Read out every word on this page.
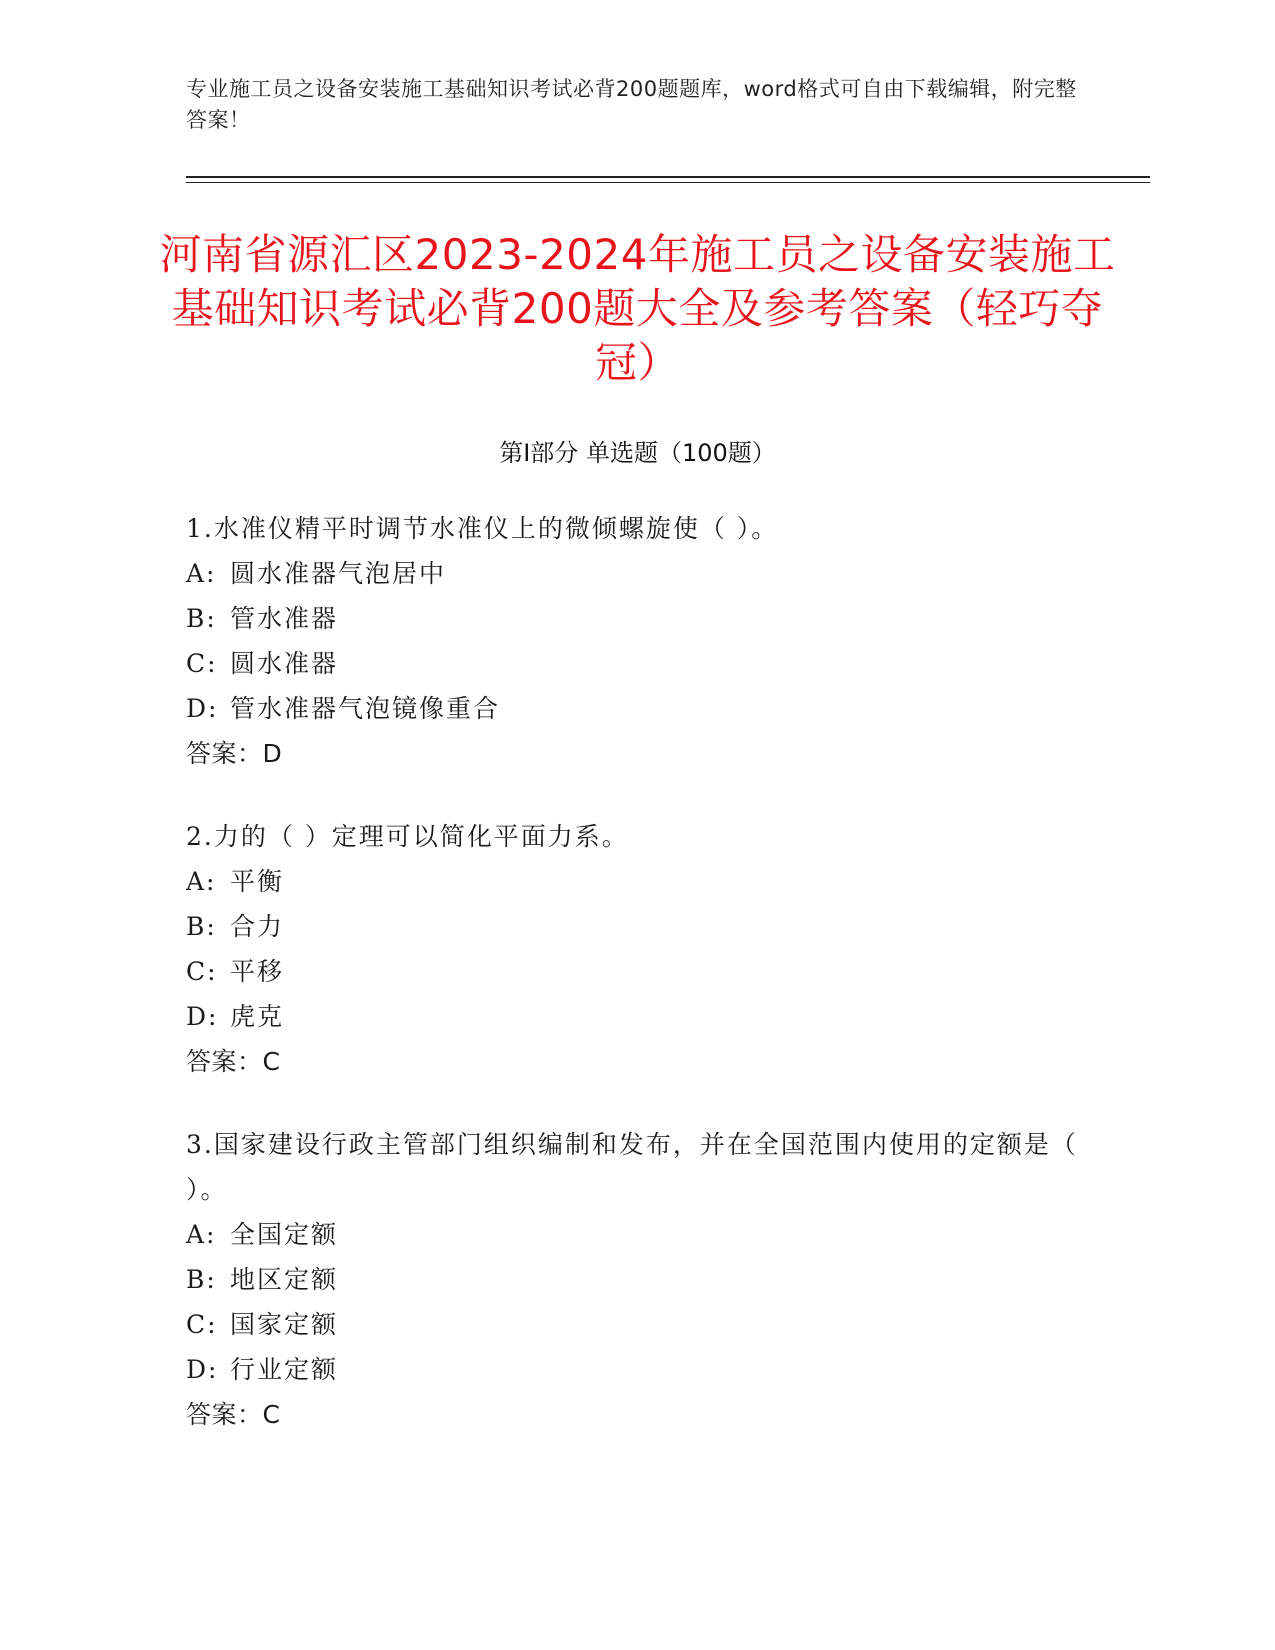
专业施工员之设备安装施工基础知识考试必背200题题库，word格式可自由下载编辑，附完整答案！
河南省源汇区2023-2024年施工员之设备安装施工基础知识考试必背200题大全及参考答案（轻巧夺冠）
第Ⅰ部分 单选题（100题）
1.水准仪精平时调节水准仪上的微倾螺旋使（ ）。
A: 圆水准器气泡居中
B: 管水准器
C: 圆水准器
D: 管水准器气泡镜像重合
答案：D
2.力的（ ）定理可以简化平面力系。
A: 平衡
B: 合力
C: 平移
D: 虎克
答案：C
3.国家建设行政主管部门组织编制和发布，并在全国范围内使用的定额是（ ）。
A: 全国定额
B: 地区定额
C: 国家定额
D: 行业定额
答案：C
